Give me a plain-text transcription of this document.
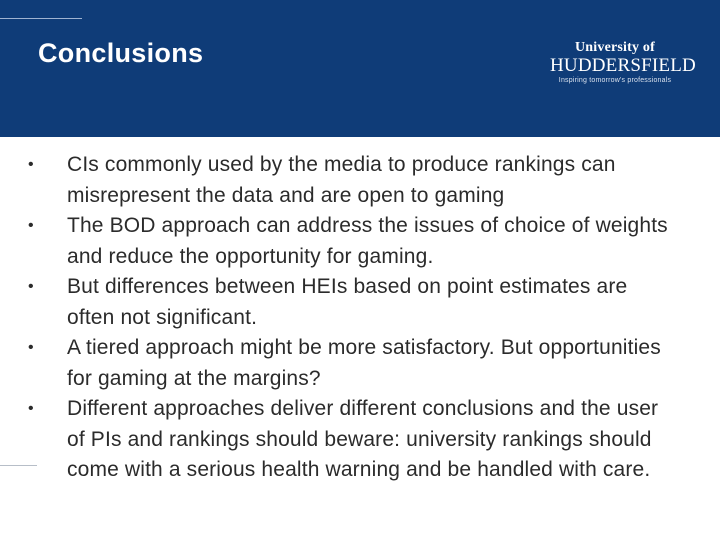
Conclusions	University of
HUDDERSFIELD
Inspiring tomorrow's professionals
•	CIs commonly used by the media to produce rankings can misrepresent the data and are open to gaming
•	The BOD approach can address the issues of choice of weights and reduce the opportunity for gaming.
•	But differences between HEIs based on point estimates are often not significant.
•	A tiered approach might be more satisfactory. But opportunities for gaming at the margins?
•	Different approaches deliver different conclusions and the user of PIs and rankings should beware: university rankings should come with a serious health warning and be handled with care.
